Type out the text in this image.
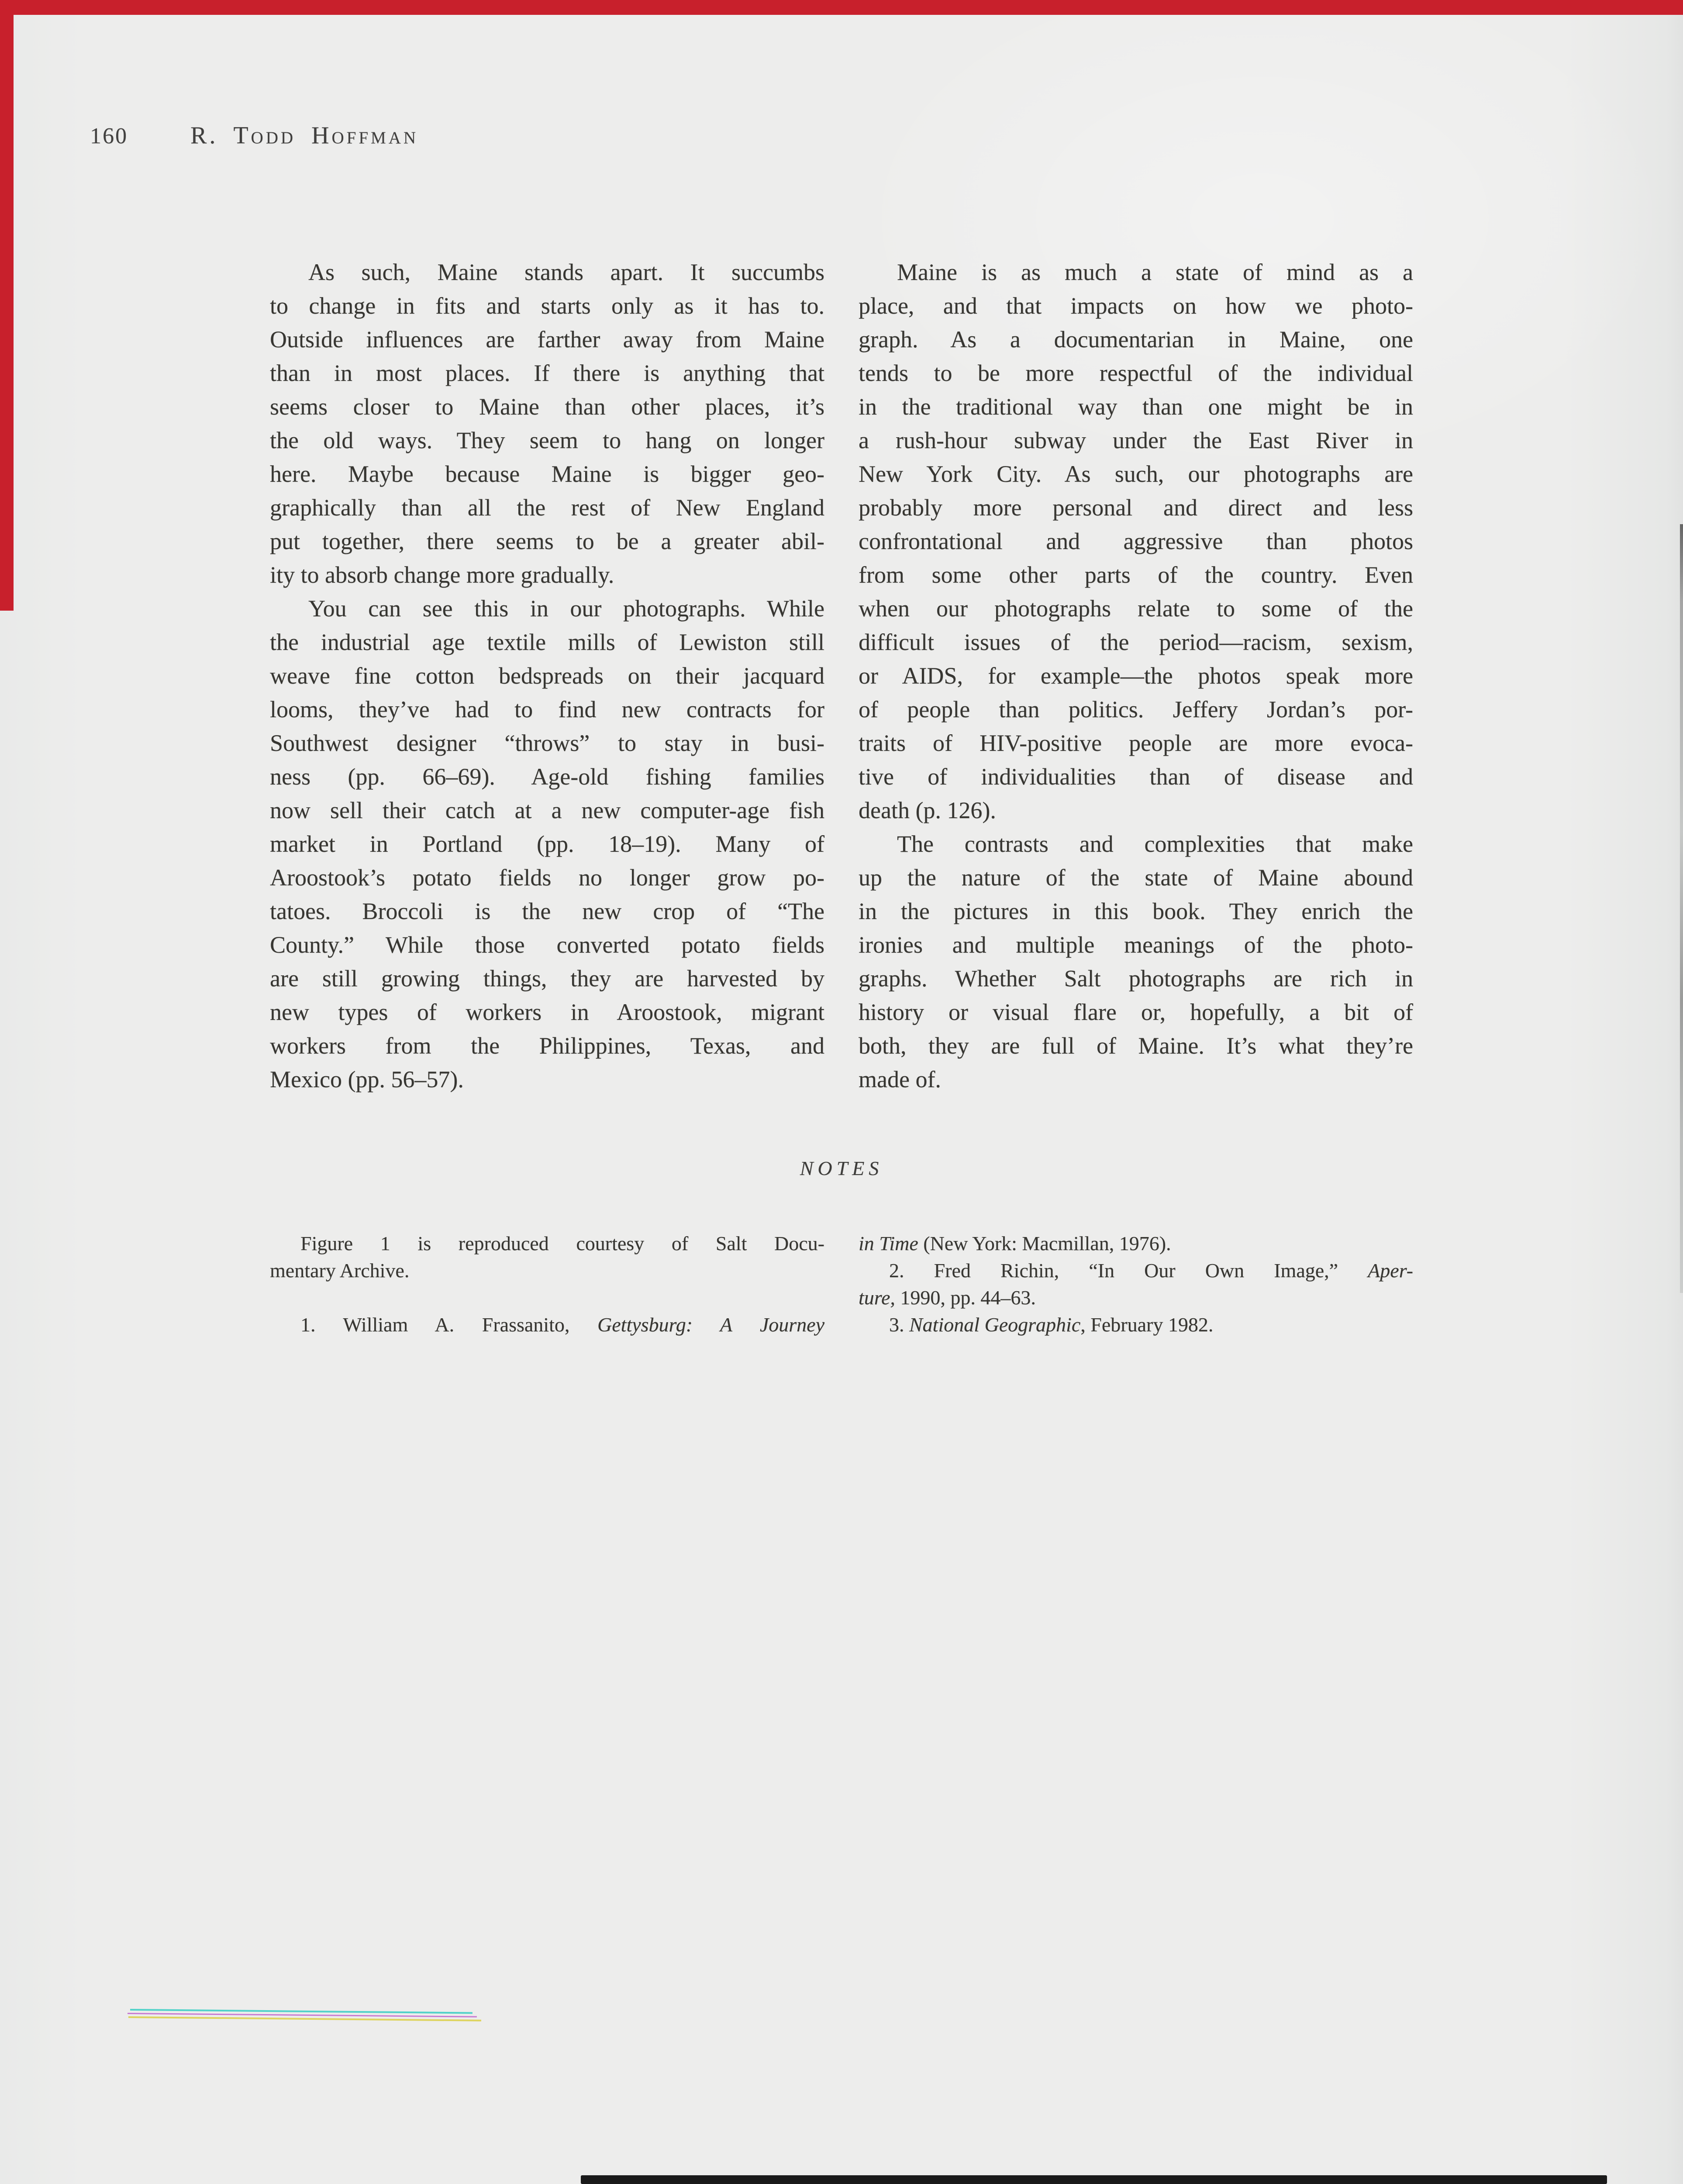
160	R. Todd Hoffman
As such, Maine stands apart. It succumbs
to change in fits and starts only as it has to.
Outside influences are farther away from Maine
than in most places. If there is anything that
seems closer to Maine than other places, it’s
the old ways. They seem to hang on longer
here. Maybe because Maine is bigger geo-
graphically than all the rest of New England
put together, there seems to be a greater abil-
ity to absorb change more gradually.
You can see this in our photographs. While
the industrial age textile mills of Lewiston still
weave fine cotton bedspreads on their jacquard
looms, they’ve had to find new contracts for
Southwest designer “throws” to stay in busi-
ness (pp. 66–69). Age-old fishing families
now sell their catch at a new computer-age fish
market in Portland (pp. 18–19). Many of
Aroostook’s potato fields no longer grow po-
tatoes. Broccoli is the new crop of “The
County.” While those converted potato fields
are still growing things, they are harvested by
new types of workers in Aroostook, migrant
workers from the Philippines, Texas, and
Mexico (pp. 56–57).
Maine is as much a state of mind as a
place, and that impacts on how we photo-
graph. As a documentarian in Maine, one
tends to be more respectful of the individual
in the traditional way than one might be in
a rush-hour subway under the East River in
New York City. As such, our photographs are
probably more personal and direct and less
confrontational and aggressive than photos
from some other parts of the country. Even
when our photographs relate to some of the
difficult issues of the period—racism, sexism,
or AIDS, for example—the photos speak more
of people than politics. Jeffery Jordan’s por-
traits of HIV-positive people are more evoca-
tive of individualities than of disease and
death (p. 126).
The contrasts and complexities that make
up the nature of the state of Maine abound
in the pictures in this book. They enrich the
ironies and multiple meanings of the photo-
graphs. Whether Salt photographs are rich in
history or visual flare or, hopefully, a bit of
both, they are full of Maine. It’s what they’re
made of.
NOTES
Figure 1 is reproduced courtesy of Salt Docu-
mentary Archive.

1. William A. Frassanito, Gettysburg: A Journey
in Time (New York: Macmillan, 1976).
2. Fred Richin, “In Our Own Image,” Aper-
ture, 1990, pp. 44–63.
3. National Geographic, February 1982.
